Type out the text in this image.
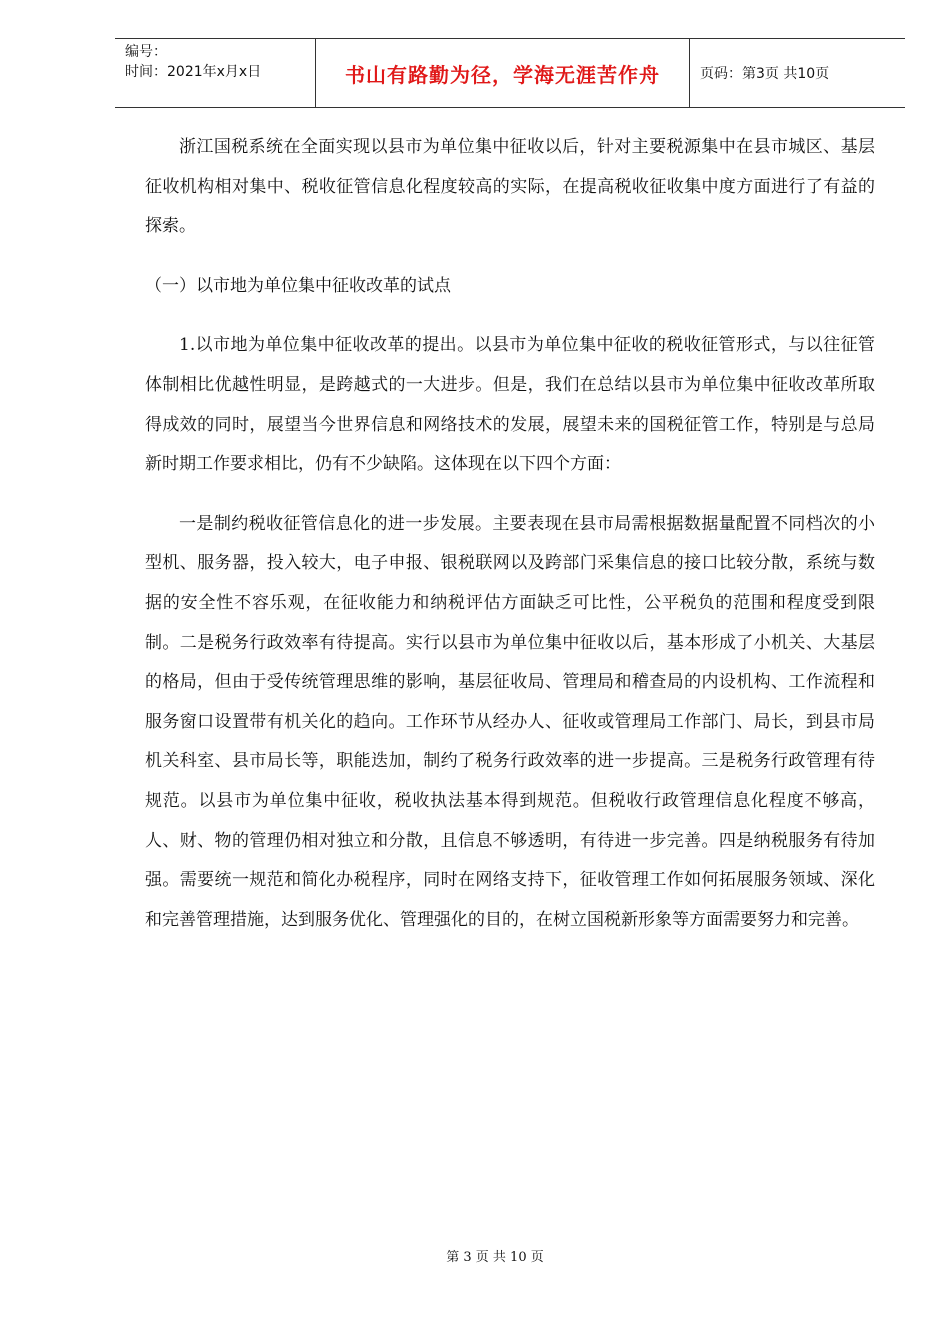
编号：
时间：2021年x月x日	书山有路勤为径，学海无涯苦作舟	页码：第3页 共10页

浙江国税系统在全面实现以县市为单位集中征收以后，针对主要税源集中在县市城区、基层征收机构相对集中、税收征管信息化程度较高的实际，在提高税收征收集中度方面进行了有益的探索。

（一）以市地为单位集中征收改革的试点

1.以市地为单位集中征收改革的提出。以县市为单位集中征收的税收征管形式，与以往征管体制相比优越性明显，是跨越式的一大进步。但是，我们在总结以县市为单位集中征收改革所取得成效的同时，展望当今世界信息和网络技术的发展，展望未来的国税征管工作，特别是与总局新时期工作要求相比，仍有不少缺陷。这体现在以下四个方面：

一是制约税收征管信息化的进一步发展。主要表现在县市局需根据数据量配置不同档次的小型机、服务器，投入较大，电子申报、银税联网以及跨部门采集信息的接口比较分散，系统与数据的安全性不容乐观，在征收能力和纳税评估方面缺乏可比性，公平税负的范围和程度受到限制。二是税务行政效率有待提高。实行以县市为单位集中征收以后，基本形成了小机关、大基层的格局，但由于受传统管理思维的影响，基层征收局、管理局和稽查局的内设机构、工作流程和服务窗口设置带有机关化的趋向。工作环节从经办人、征收或管理局工作部门、局长，到县市局机关科室、县市局长等，职能迭加，制约了税务行政效率的进一步提高。三是税务行政管理有待规范。以县市为单位集中征收，税收执法基本得到规范。但税收行政管理信息化程度不够高，人、财、物的管理仍相对独立和分散，且信息不够透明，有待进一步完善。四是纳税服务有待加强。需要统一规范和简化办税程序，同时在网络支持下，征收管理工作如何拓展服务领域、深化和完善管理措施，达到服务优化、管理强化的目的，在树立国税新形象等方面需要努力和完善。

第 3 页 共 10 页
